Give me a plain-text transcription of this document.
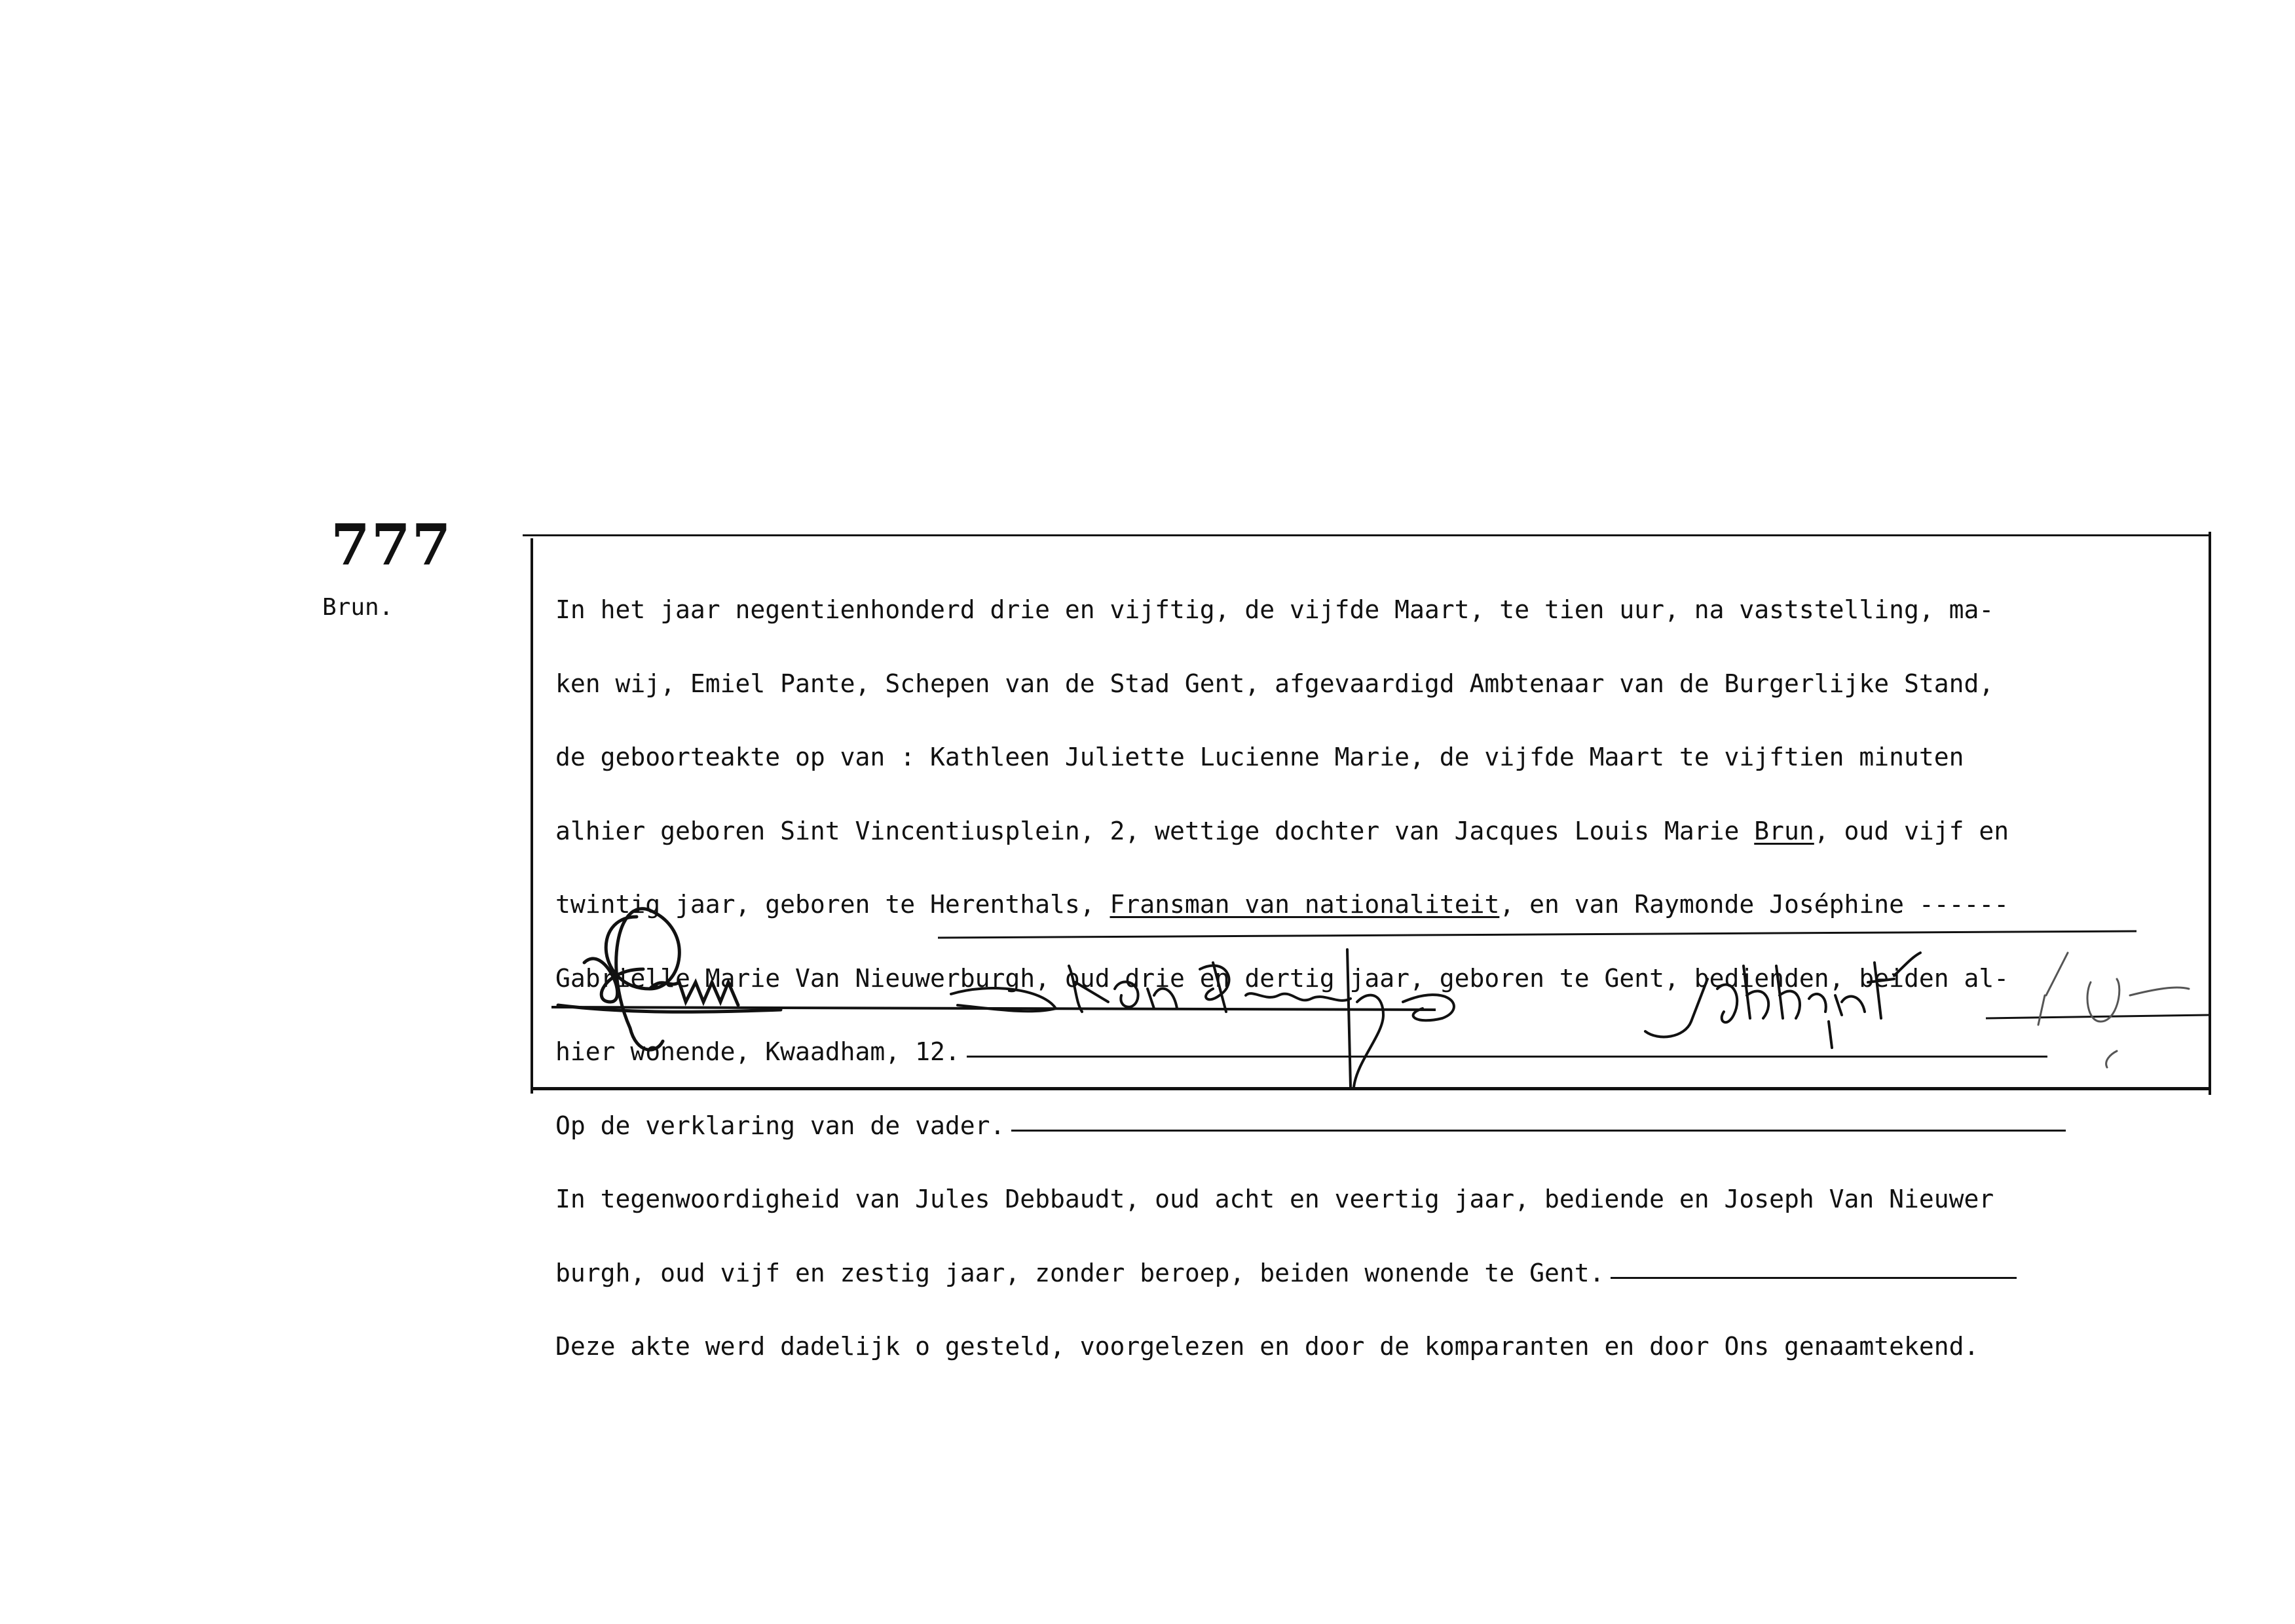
777
Brun.

	In het jaar negentienhonderd drie en vijftig, de vijfde Maart, te tien uur, na vaststelling, ma-

ken wij, Emiel Pante, Schepen van de Stad Gent, afgevaardigd Ambtenaar van de Burgerlijke Stand,

de geboorteakte op van : Kathleen Juliette Lucienne Marie, de vijfde Maart te vijftien minuten

alhier geboren Sint Vincentiusplein, 2, wettige dochter van Jacques Louis Marie Brun, oud vijf en

twintig jaar, geboren te Herenthals, Fransman van nationaliteit, en van Raymonde Joséphine ------

Gabrielle Marie Van Nieuwerburgh, oud drie en dertig jaar, geboren te Gent, bedienden, beiden al-

hier wonende, Kwaadham, 12.

Op de verklaring van de vader.

In tegenwoordigheid van Jules Debbaudt, oud acht en veertig jaar, bediende en Joseph Van Nieuwer

burgh, oud vijf en zestig jaar, zonder beroep, beiden wonende te Gent.

Deze akte werd dadelijk o gesteld, voorgelezen en door de komparanten en door Ons genaamtekend.
